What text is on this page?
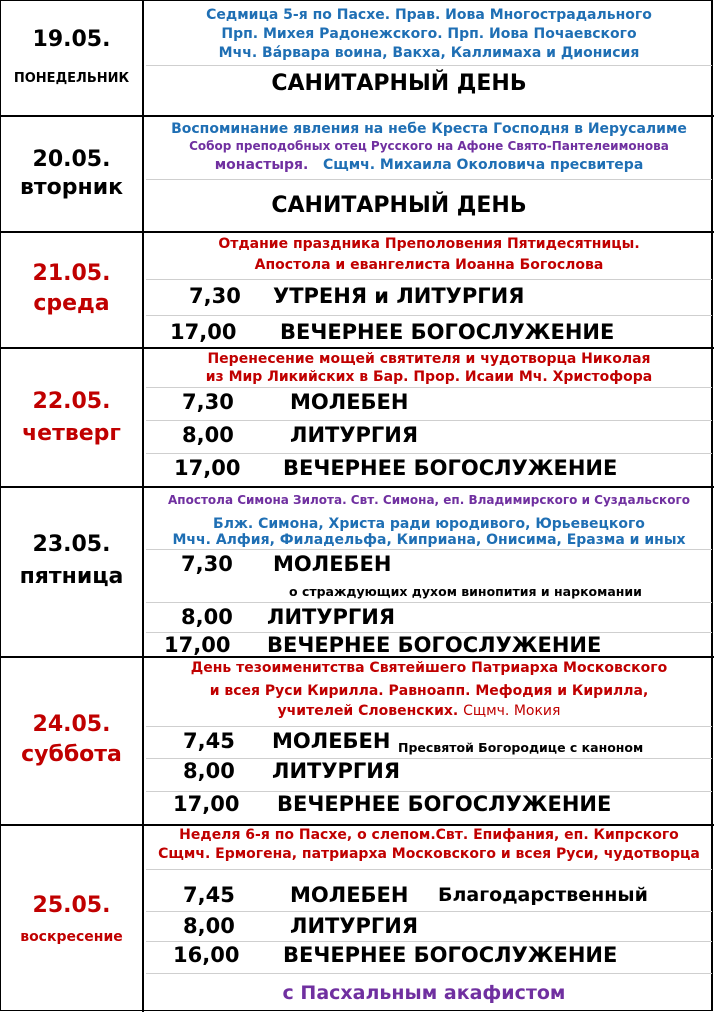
19.05.
ПОНЕДЕЛЬНИК
Седмица 5-я по Пасхе. Прав. Иова Многострадального
Прп. Михея Радонежского. Прп. Иова Почаевского
Мчч. Ва́рвара воина, Вакха, Каллимаха и Дионисия
САНИТАРНЫЙ ДЕНЬ
20.05.
вторник
Воспоминание явления на небе Креста Господня в Иерусалиме
Собор преподобных отец Русского на Афоне Свято-Пантелеимонова
монастыря. Сщмч. Михаила Околовича пресвитера
САНИТАРНЫЙ ДЕНЬ
21.05.
среда
Отдание праздника Преполовения Пятидесятницы.
Апостола и евангелиста Иоанна Богослова
7,30 УТРЕНЯ и ЛИТУРГИЯ
17,00 ВЕЧЕРНЕЕ БОГОСЛУЖЕНИЕ
22.05.
четверг
Перенесение мощей святителя и чудотворца Николая
из Мир Ликийских в Бар. Прор. Исаии Мч. Христофора
7,30	МОЛЕБЕН
8,00	ЛИТУРГИЯ
17,00 ВЕЧЕРНЕЕ БОГОСЛУЖЕНИЕ
23.05.
пятница
Апостола Симона Зилота. Свт. Симона, еп. Владимирского и Суздальского
Блж. Симона, Христа ради юродивого, Юрьевецкого
Мчч. Алфия, Филадельфа, Киприана, Онисима, Еразма и иных
7,30 МОЛЕБЕН
о страждующих духом винопития и наркомании
8,00 ЛИТУРГИЯ
17,00 ВЕЧЕРНЕЕ БОГОСЛУЖЕНИЕ
24.05.
суббота
День тезоименитства Святейшего Патриарха Московского
и всея Руси Кирилла. Равноапп. Мефодия и Кирилла,
учителей Словенских. Сщмч. Мокия
7,45 МОЛЕБЕН Пресвятой Богородице с каноном
8,00 ЛИТУРГИЯ
17,00 ВЕЧЕРНЕЕ БОГОСЛУЖЕНИЕ
25.05.
воскресение
Неделя 6-я по Пасхе, о слепом.Свт. Епифания, еп. Кипрского
Сщмч. Ермогена, патриарха Московского и всея Руси, чудотворца
7,45	МОЛЕБЕН Благодарственный
8,00	ЛИТУРГИЯ
16,00 ВЕЧЕРНЕЕ БОГОСЛУЖЕНИЕ
с Пасхальным акафистом
